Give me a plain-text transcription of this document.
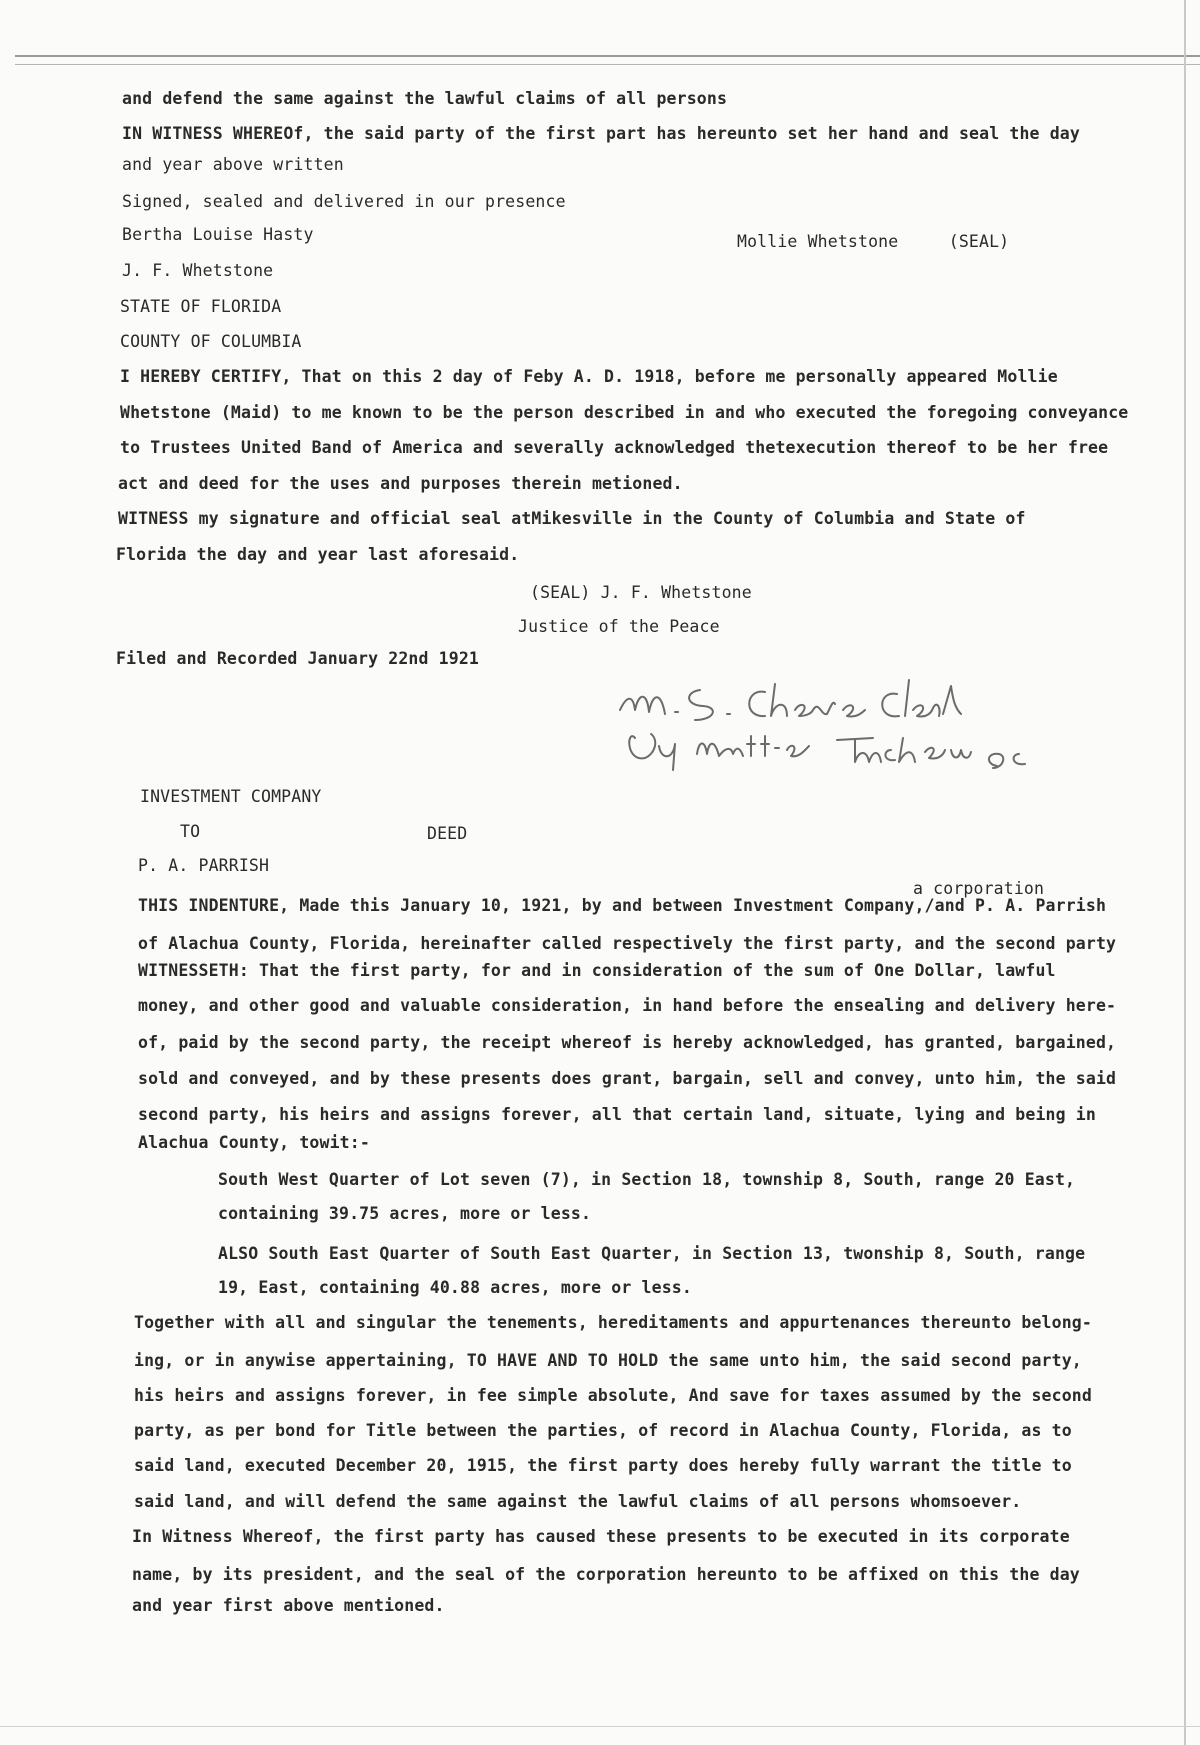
and defend the same against the lawful claims of all persons
IN WITNESS WHEREOf, the said party of the first part has hereunto set her hand and seal the day
and year above written
Signed, sealed and delivered in our presence
Bertha Louise Hasty	Mollie Whetstone     (SEAL)
J. F. Whetstone
STATE OF FLORIDA
COUNTY OF COLUMBIA
I HEREBY CERTIFY, That on this 2 day of Feby A. D. 1918, before me personally appeared Mollie
Whetstone (Maid) to me known to be the person described in and who executed the foregoing conveyance
to Trustees United Band of America and severally acknowledged thetexecution thereof to be her free
act and deed for the uses and purposes therein metioned.
WITNESS my signature and official seal atMikesville in the County of Columbia and State of
Florida the day and year last aforesaid.
(SEAL) J. F. Whetstone
Justice of the Peace
Filed and Recorded January 22nd 1921
INVESTMENT COMPANY
TO	DEED
P. A. PARRISH
a corporation
THIS INDENTURE, Made this January 10, 1921, by and between Investment Company,/and P. A. Parrish
of Alachua County, Florida, hereinafter called respectively the first party, and the second party
WITNESSETH: That the first party, for and in consideration of the sum of One Dollar, lawful
money, and other good and valuable consideration, in hand before the ensealing and delivery here-
of, paid by the second party, the receipt whereof is hereby acknowledged, has granted, bargained,
sold and conveyed, and by these presents does grant, bargain, sell and convey, unto him, the said
second party, his heirs and assigns forever, all that certain land, situate, lying and being in
Alachua County, towit:-
South West Quarter of Lot seven (7), in Section 18, township 8, South, range 20 East,
containing 39.75 acres, more or less.
ALSO South East Quarter of South East Quarter, in Section 13, twonship 8, South, range
19, East, containing 40.88 acres, more or less.
Together with all and singular the tenements, hereditaments and appurtenances thereunto belong-
ing, or in anywise appertaining, TO HAVE AND TO HOLD the same unto him, the said second party,
his heirs and assigns forever, in fee simple absolute, And save for taxes assumed by the second
party, as per bond for Title between the parties, of record in Alachua County, Florida, as to
said land, executed December 20, 1915, the first party does hereby fully warrant the title to
said land, and will defend the same against the lawful claims of all persons whomsoever.
In Witness Whereof, the first party has caused these presents to be executed in its corporate
name, by its president, and the seal of the corporation hereunto to be affixed on this the day
and year first above mentioned.
